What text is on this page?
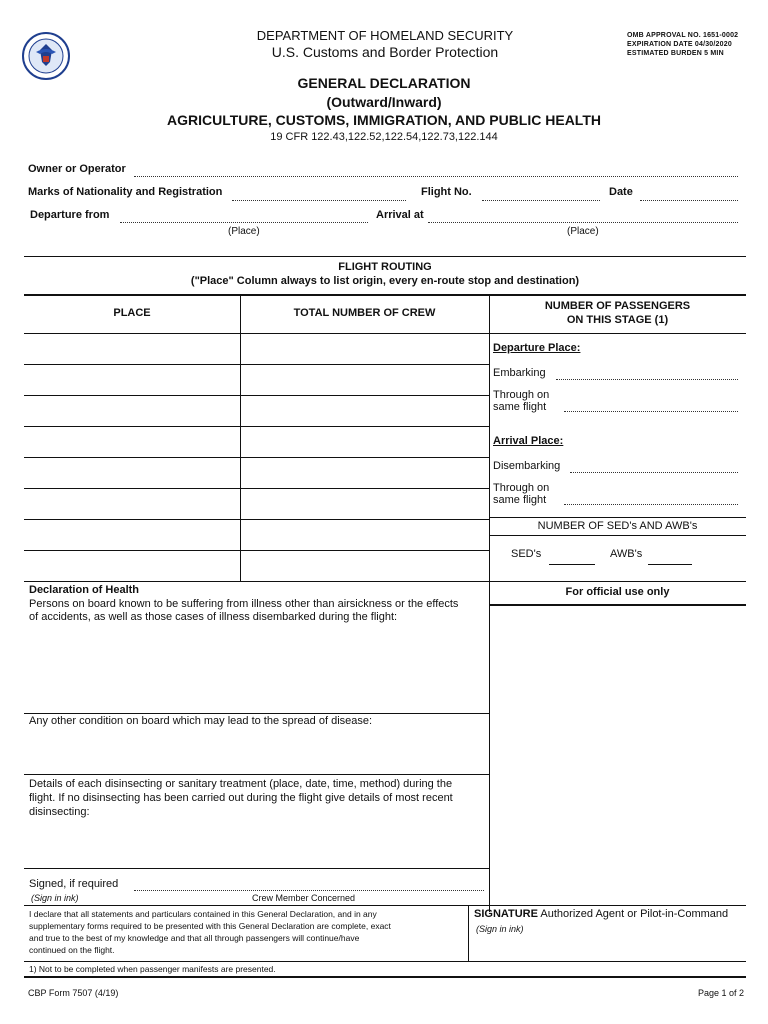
DEPARTMENT OF HOMELAND SECURITY
U.S. Customs and Border Protection
OMB APPROVAL NO. 1651-0002
EXPIRATION DATE 04/30/2020
ESTIMATED BURDEN 5 MIN
GENERAL DECLARATION
(Outward/Inward)
AGRICULTURE, CUSTOMS, IMMIGRATION, AND PUBLIC HEALTH
19 CFR 122.43,122.52,122.54,122.73,122.144
Owner or Operator
Marks of Nationality and Registration	Flight No.	Date
Departure from	Arrival at
(Place)	(Place)
FLIGHT ROUTING
("Place" Column always to list origin, every en-route stop and destination)
PLACE	TOTAL NUMBER OF CREW
NUMBER OF PASSENGERS
ON THIS STAGE (1)
Departure Place:
Embarking
Through on
same flight
Arrival Place:
Disembarking
Through on
same flight
NUMBER OF SED's AND AWB's
SED's	AWB's
Declaration of Health
Persons on board known to be suffering from illness other than airsickness or the effects
of accidents, as well as those cases of illness disembarked during the flight:
For official use only
Any other condition on board which may lead to the spread of disease:
Details of each disinsecting or sanitary treatment (place, date, time, method) during the
flight. If no disinsecting has been carried out during the flight give details of most recent
disinsecting:
Signed, if required
(Sign in ink)	Crew Member Concerned
I declare that all statements and particulars contained in this General Declaration, and in any
supplementary forms required to be presented with this General Declaration are complete, exact
and true to the best of my knowledge and that all through passengers will continue/have
continued on the flight.
SIGNATURE Authorized Agent or Pilot-in-Command
(Sign in ink)
1) Not to be completed when passenger manifests are presented.
CBP Form 7507 (4/19)	Page 1 of 2
